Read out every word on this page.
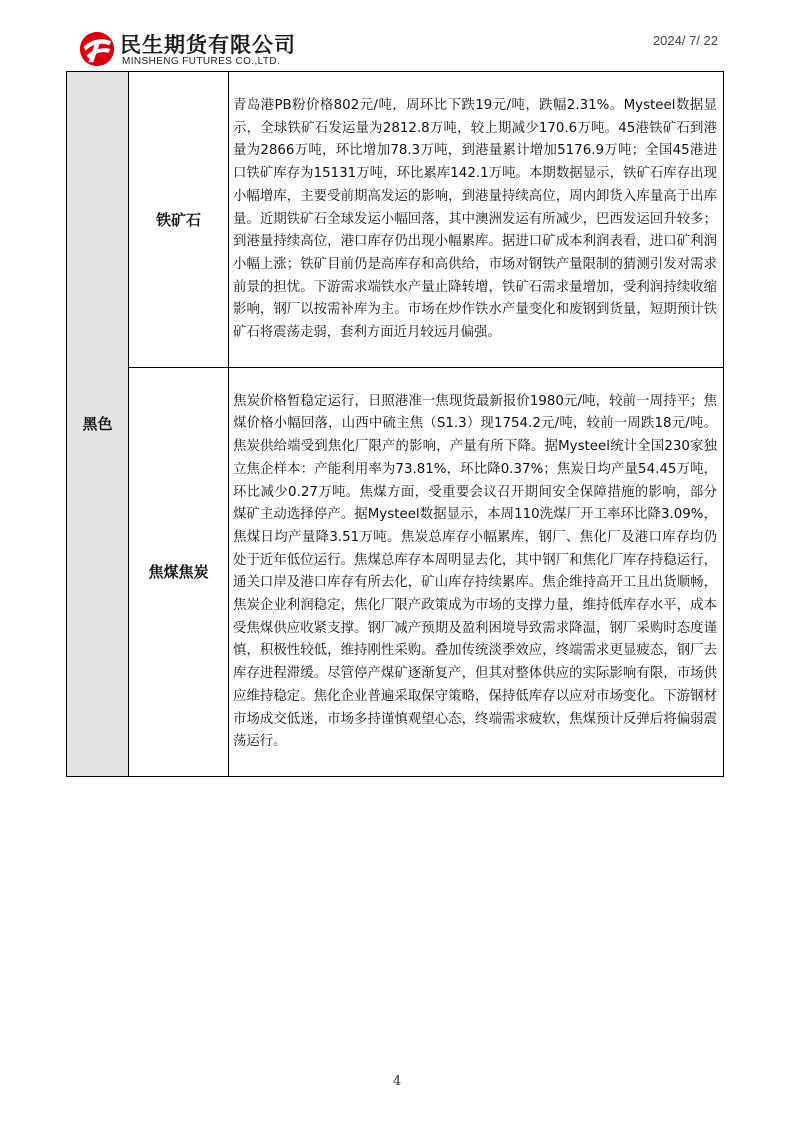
民生期货有限公司
MINSHENG FUTURES CO.,LTD.
2024/ 7/ 22
黑色	铁矿石	青岛港PB粉价格802元/吨，周环比下跌19元/吨，跌幅2.31%。Mysteel数据显示，全球铁矿石发运量为2812.8万吨，较上期减少170.6万吨。45港铁矿石到港量为2866万吨，环比增加78.3万吨，到港量累计增加5176.9万吨；全国45港进口铁矿库存为15131万吨，环比累库142.1万吨。本期数据显示，铁矿石库存出现小幅增库，主要受前期高发运的影响，到港量持续高位，周内卸货入库量高于出库量。近期铁矿石全球发运小幅回落，其中澳洲发运有所减少，巴西发运回升较多；到港量持续高位，港口库存仍出现小幅累库。据进口矿成本利润表看，进口矿利润小幅上涨；铁矿目前仍是高库存和高供给，市场对钢铁产量限制的猜测引发对需求前景的担忧。下游需求端铁水产量止降转增，铁矿石需求量增加，受利润持续收缩影响，钢厂以按需补库为主。市场在炒作铁水产量变化和废钢到货量，短期预计铁矿石将震荡走弱，套利方面近月较远月偏强。
	焦煤焦炭	焦炭价格暂稳定运行，日照港准一焦现货最新报价1980元/吨，较前一周持平；焦煤价格小幅回落，山西中硫主焦（S1.3）现1754.2元/吨，较前一周跌18元/吨。焦炭供给端受到焦化厂限产的影响，产量有所下降。据Mysteel统计全国230家独立焦企样本：产能利用率为73.81%，环比降0.37%；焦炭日均产量54.45万吨，环比减少0.27万吨。焦煤方面，受重要会议召开期间安全保障措施的影响，部分煤矿主动选择停产。据Mysteel数据显示，本周110洗煤厂开工率环比降3.09%，焦煤日均产量降3.51万吨。焦炭总库存小幅累库，钢厂、焦化厂及港口库存均仍处于近年低位运行。焦煤总库存本周明显去化，其中钢厂和焦化厂库存持稳运行，通关口岸及港口库存有所去化，矿山库存持续累库。焦企维持高开工且出货顺畅，焦炭企业利润稳定，焦化厂限产政策成为市场的支撑力量，维持低库存水平，成本受焦煤供应收紧支撑。钢厂减产预期及盈利困境导致需求降温，钢厂采购时态度谨慎，积极性较低，维持刚性采购。叠加传统淡季效应，终端需求更显疲态，钢厂去库存进程滞缓。尽管停产煤矿逐渐复产，但其对整体供应的实际影响有限，市场供应维持稳定。焦化企业普遍采取保守策略，保持低库存以应对市场变化。下游钢材市场成交低迷，市场多持谨慎观望心态，终端需求疲软，焦煤预计反弹后将偏弱震荡运行。
4
